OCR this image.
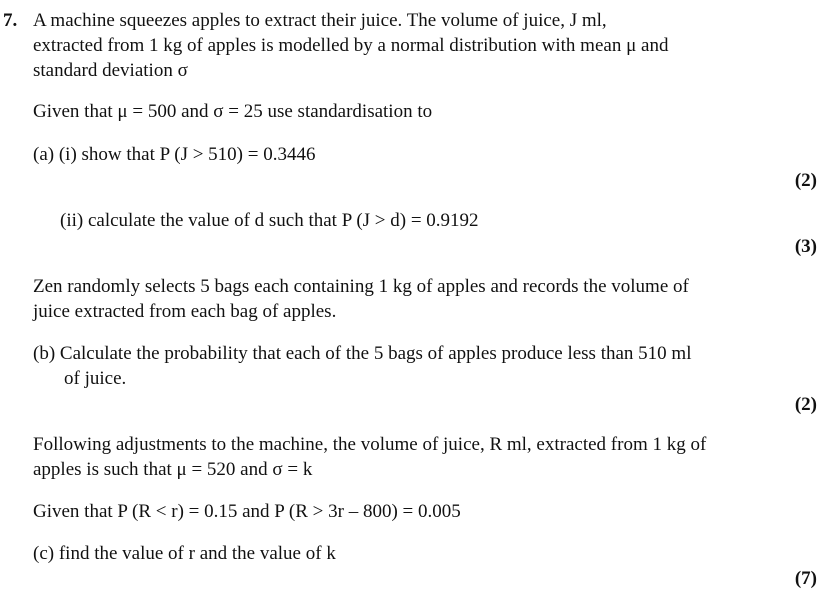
7. A machine squeezes apples to extract their juice. The volume of juice, J ml,
extracted from 1 kg of apples is modelled by a normal distribution with mean μ and
standard deviation σ
Given that μ = 500 and σ = 25 use standardisation to
(a) (i) show that P (J > 510) = 0.3446
(2)
(ii) calculate the value of d such that P (J > d) = 0.9192
(3)
Zen randomly selects 5 bags each containing 1 kg of apples and records the volume of
juice extracted from each bag of apples.
(b) Calculate the probability that each of the 5 bags of apples produce less than 510 ml
of juice.
(2)
Following adjustments to the machine, the volume of juice, R ml, extracted from 1 kg of
apples is such that μ = 520 and σ = k
Given that P (R < r) = 0.15 and P (R > 3r – 800) = 0.005
(c) find the value of r and the value of k
(7)
